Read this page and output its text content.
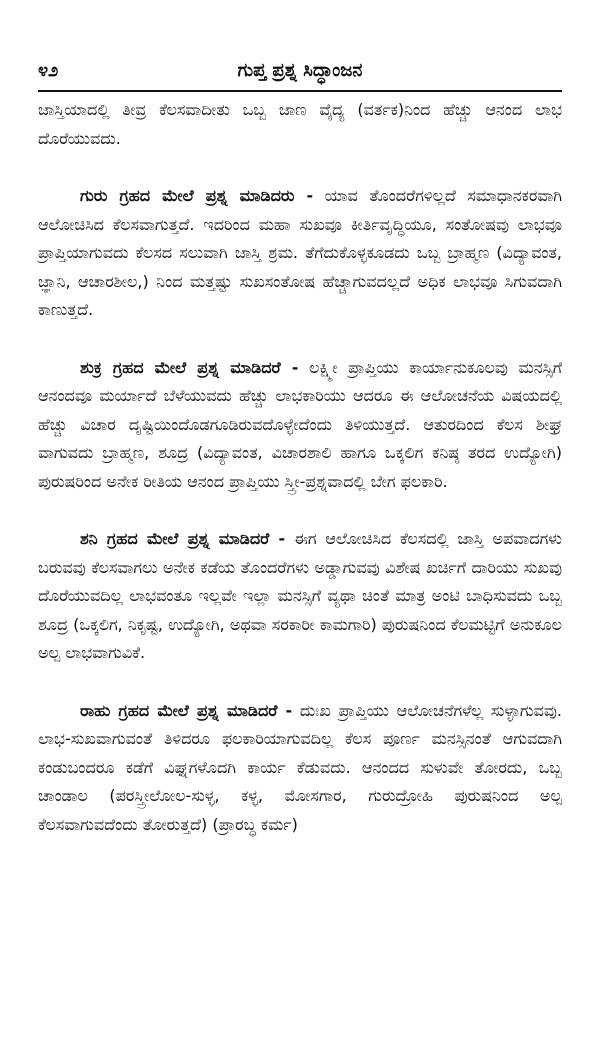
೪೨	ಗುಪ್ತ ಪ್ರಶ್ನ ಸಿದ್ಧಾಂಜನ

ಜಾಸ್ತಿಯಾದಲ್ಲಿ ತೀವ್ರ ಕೆಲಸವಾದೀತು ಒಬ್ಬ ಜಾಣ ವೈದ್ಯ (ವರ್ತಕ)ನಿಂದ ಹೆಚ್ಚು ಆನಂದ ಲಾಭ ದೊರೆಯುವದು.

ಗುರು ಗ್ರಹದ ಮೇಲೆ ಪ್ರಶ್ನ ಮಾಡಿದರು - ಯಾವ ತೊಂದರೆಗಳಿಲ್ಲದೆ ಸಮಾಧಾನಕರವಾಗಿ ಆಲೋಚಿಸಿದ ಕೆಲಸವಾಗುತ್ತದೆ. ಇದರಿಂದ ಮಹಾ ಸುಖವೂ ಕೀರ್ತಿವೃದ್ಧಿಯೂ, ಸಂತೋಷವು ಲಾಭವೂ ಪ್ರಾಪ್ತಿಯಾಗುವದು ಕೆಲಸದ ಸಲುವಾಗಿ ಜಾಸ್ತಿ ಶ್ರಮ. ತೆಗೆದುಕೊಳ್ಳಕೂಡದು ಒಬ್ಬ ಬ್ರಾಹ್ಮಣ (ವಿದ್ಯಾವಂತ, ಜ್ಞಾನಿ, ಆಚಾರಶೀಲ,) ನಿಂದ ಮತ್ತಷ್ಟು ಸುಖಸಂತೋಷ ಹೆಚ್ಚಾಗುವದಲ್ಲದೆ ಅಧಿಕ ಲಾಭವೂ ಸಿಗುವದಾಗಿ ಕಾಣುತ್ತದೆ.

ಶುಕ್ರ ಗ್ರಹದ ಮೇಲೆ ಪ್ರಶ್ನ ಮಾಡಿದರೆ - ಲಕ್ಷ್ಮೀ ಪ್ರಾಪ್ತಿಯು ಕಾರ್ಯಾನುಕೂಲವು ಮನಸ್ಸಿಗೆ ಆನಂದವೂ ಮರ್ಯಾದೆ ಬೆಳೆಯುವದು ಹೆಚ್ಚು ಲಾಭಕಾರಿಯು ಆದರೂ ಈ ಆಲೋಚನೆಯ ವಿಷಯದಲ್ಲಿ ಹೆಚ್ಚು ವಿಚಾರ ದೃಷ್ಟಿಯಿಂದೊಡಗೂಡಿರುವದೊಳ್ಳೇದೆಂದು ತಿಳಿಯುತ್ತದೆ. ಆತುರದಿಂದ ಕೆಲಸ ಶೀಘ್ರ ವಾಗುವದು ಬ್ರಾಹ್ಮಣ, ಶೂದ್ರ (ವಿದ್ಯಾವಂತ, ವಿಚಾರಶಾಲಿ ಹಾಗೂ ಒಕ್ಕಲಿಗ ಕನಿಷ್ಠ ತರದ ಉದ್ಯೋಗಿ) ಪುರುಷರಿಂದ ಅನೇಕ ರೀತಿಯ ಆನಂದ ಪ್ರಾಪ್ತಿಯು ಸ್ತ್ರೀ-ಪ್ರಶ್ನವಾದಲ್ಲಿ ಬೇಗ ಫಲಕಾರಿ.

ಶನಿ ಗ್ರಹದ ಮೇಲೆ ಪ್ರಶ್ನ ಮಾಡಿದರೆ - ಈಗ ಆಲೋಚಿಸಿದ ಕೆಲಸದಲ್ಲಿ ಜಾಸ್ತಿ ಅಪವಾದಗಳು ಬರುವವು ಕೆಲಸವಾಗಲು ಅನೇಕ ಕಡೆಯ ತೊಂದರೆಗಳು ಅಡ್ಡಾಗುವವು ವಿಶೇಷ ಖರ್ಚಿಗೆ ದಾರಿಯು ಸುಖವು ದೊರೆಯುವದಿಲ್ಲ ಲಾಭವಂತೂ ಇಲ್ಲವೇ ಇಲ್ಲಾ ಮನಸ್ಸಿಗೆ ವ್ಯಥಾ ಚಿಂತೆ ಮಾತ್ರ ಅಂಟಿ ಬಾಧಿಸುವದು ಒಬ್ಬ ಶೂದ್ರ (ಒಕ್ಕಲಿಗ, ನಿಕೃಷ್ಟ, ಉದ್ಯೋಗಿ, ಅಥವಾ ಸರಕಾರೀ ಕಾಮಗಾರಿ) ಪುರುಷನಿಂದ ಕೆಲಮಟ್ಟಿಗೆ ಅನುಕೂಲ ಅಲ್ಪ ಲಾಭವಾಗುವಿಕೆ.

ರಾಹು ಗ್ರಹದ ಮೇಲೆ ಪ್ರಶ್ನ ಮಾಡಿದರೆ - ದುಃಖ ಪ್ರಾಪ್ತಿಯು ಆಲೋಚನೆಗಳೆಲ್ಲ ಸುಳ್ಳಾಗುವವು. ಲಾಭ-ಸುಖವಾಗುವಂತೆ ತಿಳಿದರೂ ಫಲಕಾರಿಯಾಗುವದಿಲ್ಲ ಕೆಲಸ ಪೂರ್ಣ ಮನಸ್ಸಿನಂತೆ ಆಗುವದಾಗಿ ಕಂಡುಬಂದರೂ ಕಡೆಗೆ ವಿಘ್ನಗಳೊದಗಿ ಕಾರ್ಯ ಕೆಡುವದು. ಆನಂದದ ಸುಳುವೇ ತೋರದು, ಒಬ್ಬ ಚಾಂಡಾಲ (ಪರಸ್ತ್ರೀಲೋಲ-ಸುಳ್ಳ, ಕಳ್ಳ, ಮೋಸಗಾರ, ಗುರುದ್ರೋಹಿ ಪುರುಷನಿಂದ ಅಲ್ಪ ಕೆಲಸವಾಗುವದೆಂದು ತೋರುತ್ತದೆ) (ಪ್ರಾರಬ್ಧ ಕರ್ಮ)
